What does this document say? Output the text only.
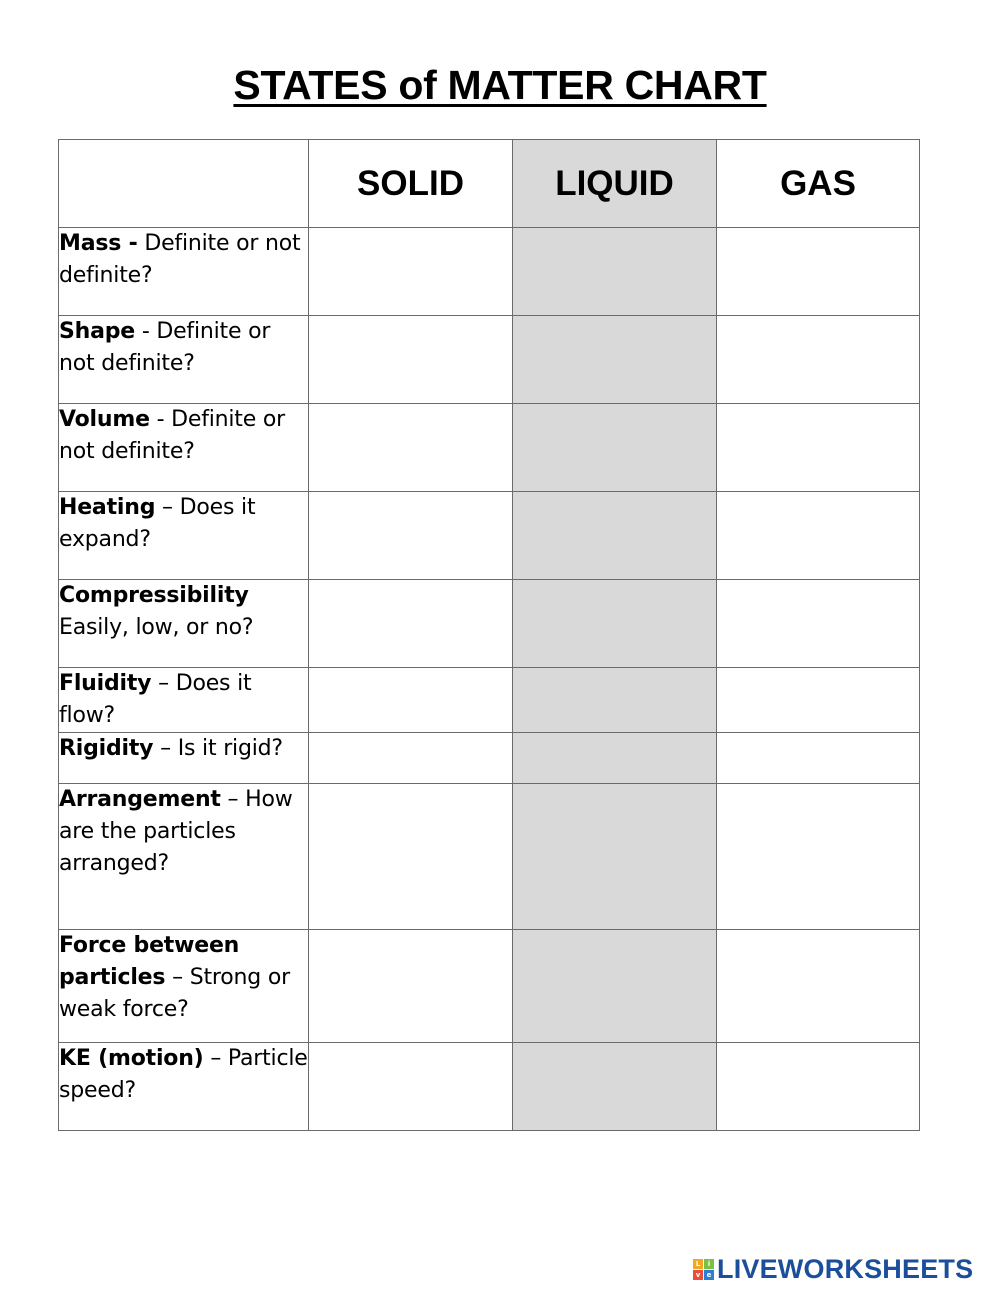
STATES of MATTER CHART
	SOLID	LIQUID	GAS
Mass - Definite or not definite?	

Shape - Definite or not definite?	

Volume - Definite or not definite?	

Heating – Does it expand?	

Compressibility
Easily, low, or no?	

Fluidity – Does it flow?	

Rigidity – Is it rigid?	

Arrangement – How are the particles arranged?	

Force between particles – Strong or weak force?	

KE (motion) – Particle speed?	

L	i
v e LIVEWORKSHEETS
